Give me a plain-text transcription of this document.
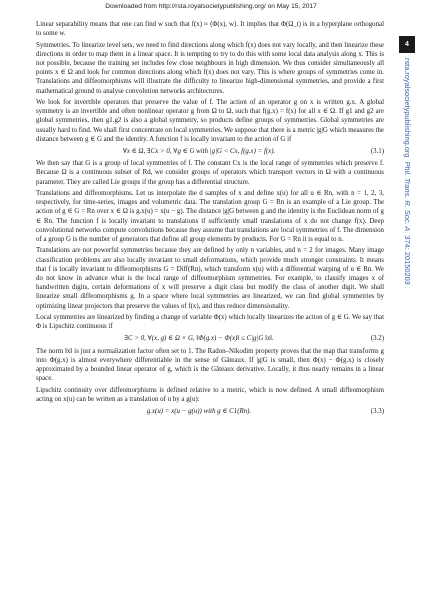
Downloaded from http://rsta.royalsocietypublishing.org/ on May 15, 2017
4
rsta.royalsocietypublishing.org  Phil. Trans. R. Soc. A  374: 20150203

Linear separability means that one can find w such that f(x) ≈ ⟨Φ(x), w⟩. It implies that Φ(Ω_t) is in a hyperplane orthogonal to some w.

Symmetries. To linearize level sets, we need to find directions along which f(x) does not vary locally, and then linearize these directions in order to map them in a linear space. It is tempting to try to do this with some local data analysis along x. This is not possible, because the training set includes few close neighbours in high dimension. We thus consider simultaneously all points x ∈ Ω and look for common directions along which f(x) does not vary. This is where groups of symmetries come in. Translations and diffeomorphisms will illustrate the difficulty to linearize high-dimensional symmetries, and provide a first mathematical ground to analyse convolution networks architectures.

We look for invertible operators that preserve the value of f. The action of an operator g on x is written g.x. A global symmetry is an invertible and often nonlinear operator g from Ω to Ω, such that f(g.x) = f(x) for all x ∈ Ω. If g1 and g2 are global symmetries, then g1.g2 is also a global symmetry, so products define groups of symmetries. Global symmetries are usually hard to find. We shall first concentrate on local symmetries. We suppose that there is a metric |g|G which measures the distance between g ∈ G and the identity. A function f is locally invariant to the action of G if

∀x ∈ Ω, ∃Cx > 0, ∀g ∈ G with |g|G < Cx, f(g.x) = f(x).	(3.1)

We then say that G is a group of local symmetries of f. The constant Cx is the local range of symmetries which preserve f. Because Ω is a continuous subset of Rd, we consider groups of operators which transport vectors in Ω with a continuous parameter. They are called Lie groups if the group has a differential structure.

Translations and diffeomorphisms. Let us interpolate the d samples of x and define x(u) for all u ∈ Rn, with n = 1, 2, 3, respectively, for time-series, images and volumetric data. The translation group G = Rn is an example of a Lie group. The action of g ∈ G = Rn over x ∈ Ω is g.x(u) = x(u − g). The distance |g|G between g and the identity is the Euclidean norm of g ∈ Rn. The function f is locally invariant to translations if sufficiently small translations of x do not change f(x). Deep convolutional networks compute convolutions because they assume that translations are local symmetries of f. The dimension of a group G is the number of generators that define all group elements by products. For G = Rn it is equal to n.

Translations are not powerful symmetries because they are defined by only n variables, and n = 2 for images. Many image classification problems are also locally invariant to small deformations, which provide much stronger constraints. It means that f is locally invariant to diffeomorphisms G = Diff(Rn), which transform x(u) with a differential warping of u ∈ Rn. We do not know in advance what is the local range of diffeomorphism symmetries. For example, to classify images x of handwritten digits, certain deformations of x will preserve a digit class but modify the class of another digit. We shall linearize small diffeomorphisms g. In a space where local symmetries are linearized, we can find global symmetries by optimizing linear projectors that preserve the values of f(x), and thus reduce dimensionality.

Local symmetries are linearized by finding a change of variable Φ(x) which locally linearizes the action of g ∈ G. We say that Φ is Lipschitz continuous if

∃C > 0, ∀(x, g) ∈ Ω × G, ‖Φ(g.x) − Φ(x)‖ ≤ C|g|G ‖x‖.	(3.2)

The norm ‖x‖ is just a normalization factor often set to 1. The Radon–Nikodim property proves that the map that transforms g into Φ(g.x) is almost everywhere differentiable in the sense of Gâteaux. If |g|G is small, then Φ(x) − Φ(g.x) is closely approximated by a bounded linear operator of g, which is the Gâteaux derivative. Locally, it thus nearly remains in a linear space.

Lipschitz continuity over diffeomorphisms is defined relative to a metric, which is now defined. A small diffeomorphism acting on x(u) can be written as a translation of u by a g(u):

g.x(u) = x(u − g(u)) with g ∈ C1(Rn).	(3.3)
